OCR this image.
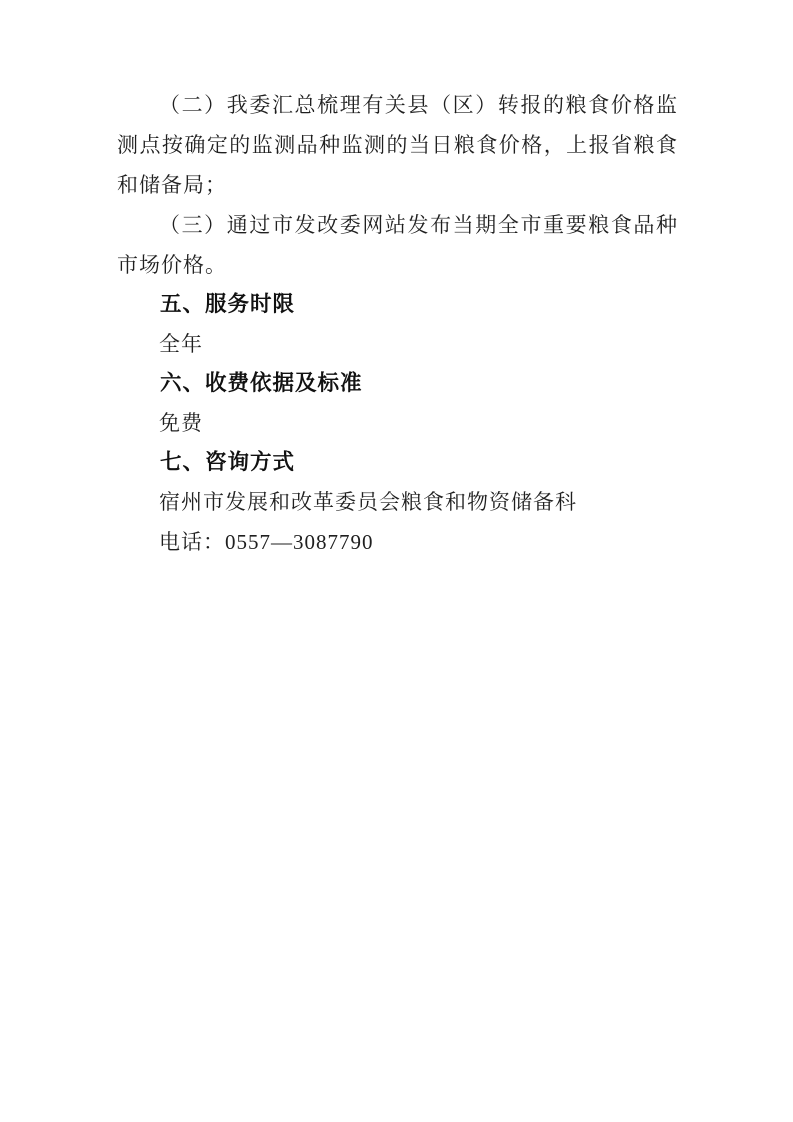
（二）我委汇总梳理有关县（区）转报的粮食价格监测点按确定的监测品种监测的当日粮食价格，上报省粮食和储备局；

（三）通过市发改委网站发布当期全市重要粮食品种市场价格。

五、服务时限

全年

六、收费依据及标准

免费

七、咨询方式

宿州市发展和改革委员会粮食和物资储备科

电话：0557—3087790
